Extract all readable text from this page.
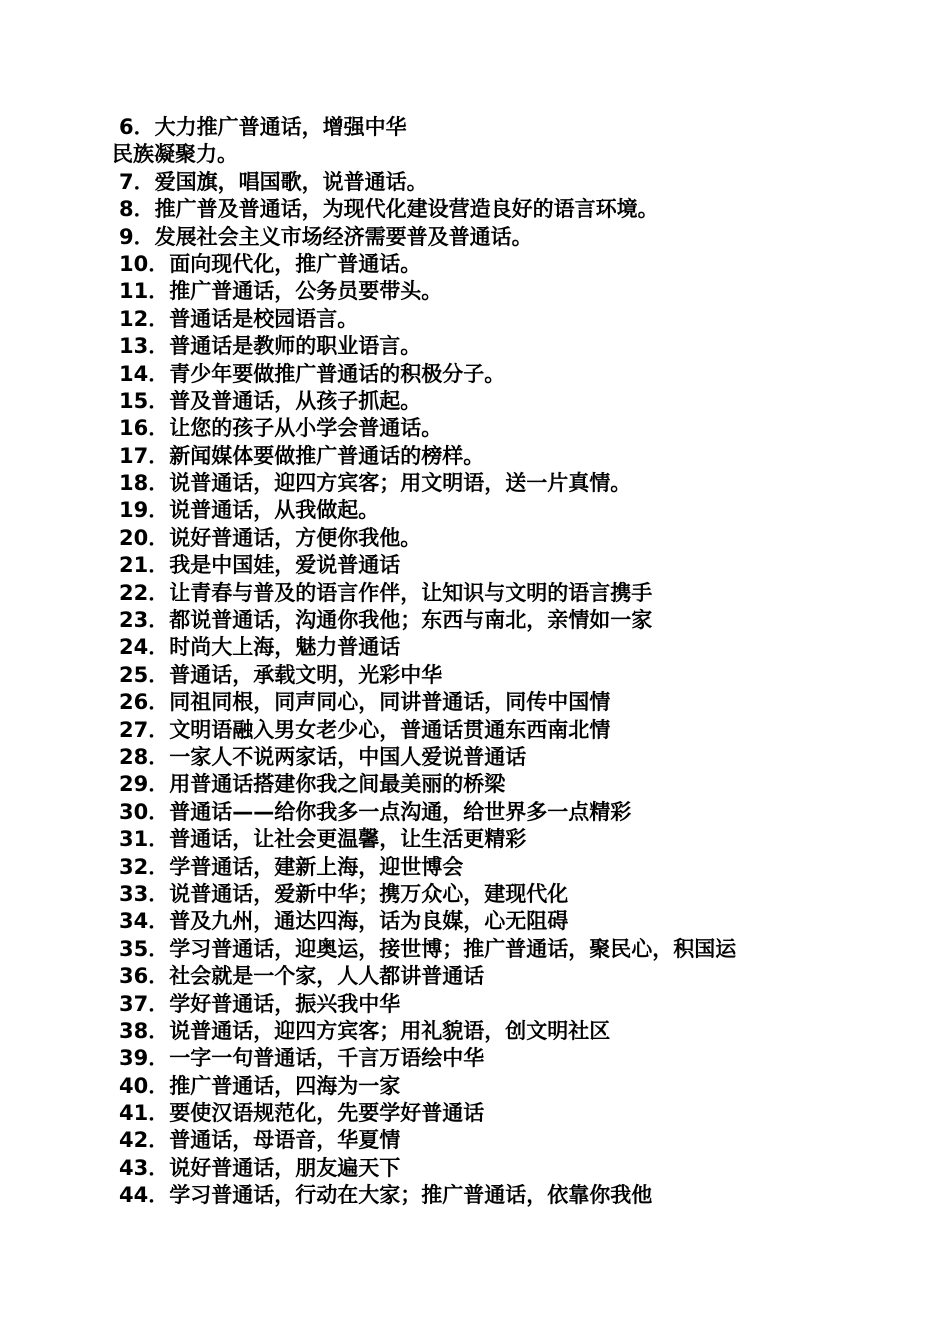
6．大力推广普通话，增强中华
民族凝聚力。
7．爱国旗，唱国歌，说普通话。
8．推广普及普通话，为现代化建设营造良好的语言环境。
9．发展社会主义市场经济需要普及普通话。
10．面向现代化，推广普通话。
11．推广普通话，公务员要带头。
12．普通话是校园语言。
13．普通话是教师的职业语言。
14．青少年要做推广普通话的积极分子。
15．普及普通话，从孩子抓起。
16．让您的孩子从小学会普通话。
17．新闻媒体要做推广普通话的榜样。
18．说普通话，迎四方宾客；用文明语，送一片真情。
19．说普通话，从我做起。
20．说好普通话，方便你我他。
21．我是中国娃，爱说普通话
22．让青春与普及的语言作伴，让知识与文明的语言携手
23．都说普通话，沟通你我他；东西与南北，亲情如一家
24．时尚大上海，魅力普通话
25．普通话，承载文明，光彩中华
26．同祖同根，同声同心，同讲普通话，同传中国情
27．文明语融入男女老少心，普通话贯通东西南北情
28．一家人不说两家话，中国人爱说普通话
29．用普通话搭建你我之间最美丽的桥梁
30．普通话——给你我多一点沟通，给世界多一点精彩
31．普通话，让社会更温馨，让生活更精彩
32．学普通话，建新上海，迎世博会
33．说普通话，爱新中华；携万众心，建现代化
34．普及九州，通达四海，话为良媒，心无阻碍
35．学习普通话，迎奥运，接世博；推广普通话，聚民心，积国运
36．社会就是一个家，人人都讲普通话
37．学好普通话，振兴我中华
38．说普通话，迎四方宾客；用礼貌语，创文明社区
39．一字一句普通话，千言万语绘中华
40．推广普通话，四海为一家
41．要使汉语规范化，先要学好普通话
42．普通话，母语音，华夏情
43．说好普通话，朋友遍天下
44．学习普通话，行动在大家；推广普通话，依靠你我他
